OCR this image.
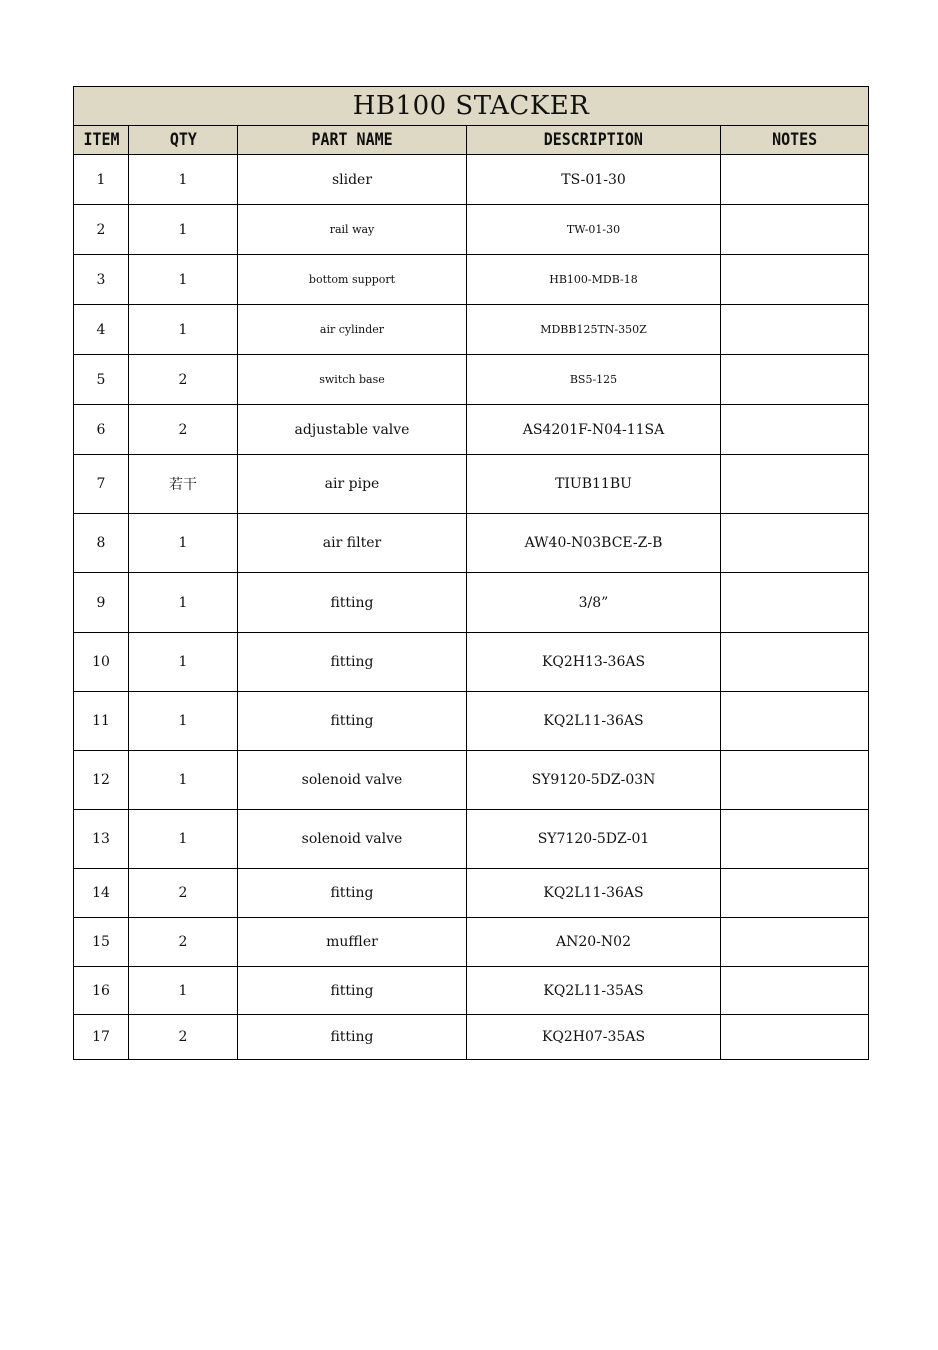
HB100 STACKER				
ITEM	QTY	PART NAME	DESCRIPTION	NOTES
1	1	slider	TS-01-30	
2	1	rail way	TW-01-30	
3	1	bottom support	HB100-MDB-18	
4	1	air cylinder	MDBB125TN-350Z	
5	2	switch base	BS5-125	
6	2	adjustable valve	AS4201F-N04-11SA	
7	若干	air pipe	TIUB11BU	
8	1	air filter	AW40-N03BCE-Z-B	
9	1	fitting	3/8”	
10	1	fitting	KQ2H13-36AS	
11	1	fitting	KQ2L11-36AS	
12	1	solenoid valve	SY9120-5DZ-03N	
13	1	solenoid valve	SY7120-5DZ-01	
14	2	fitting	KQ2L11-36AS	
15	2	muffler	AN20-N02	
16	1	fitting	KQ2L11-35AS	
17	2	fitting	KQ2H07-35AS	
